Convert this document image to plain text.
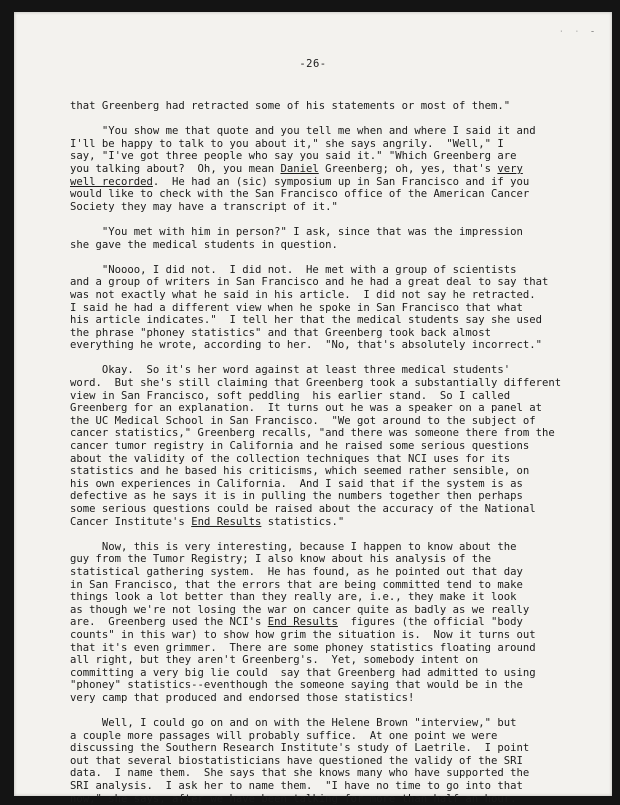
˙ ˙ ˉ
-26-

that Greenberg had retracted some of his statements or most of them."

"You show me that quote and you tell me when and where I said it and
I'll be happy to talk to you about it," she says angrily.  "Well," I
say, "I've got three people who say you said it." "Which Greenberg are
you talking about?  Oh, you mean Daniel Greenberg; oh, yes, that's very
well recorded.  He had an (sic) symposium up in San Francisco and if you
would like to check with the San Francisco office of the American Cancer
Society they may have a transcript of it."

"You met with him in person?" I ask, since that was the impression
she gave the medical students in question.

"Noooo, I did not.  I did not.  He met with a group of scientists
and a group of writers in San Francisco and he had a great deal to say that
was not exactly what he said in his article.  I did not say he retracted.
I said he had a different view when he spoke in San Francisco that what
his article indicates."  I tell her that the medical students say she used
the phrase "phoney statistics" and that Greenberg took back almost
everything he wrote, according to her.  "No, that's absolutely incorrect."

Okay.  So it's her word against at least three medical students'
word.  But she's still claiming that Greenberg took a substantially different
view in San Francisco, soft peddling  his earlier stand.  So I called
Greenberg for an explanation.  It turns out he was a speaker on a panel at
the UC Medical School in San Francisco.  "We got around to the subject of
cancer statistics," Greenberg recalls, "and there was someone there from the
cancer tumor registry in California and he raised some serious questions
about the validity of the collection techniques that NCI uses for its
statistics and he based his criticisms, which seemed rather sensible, on
his own experiences in California.  And I said that if the system is as
defective as he says it is in pulling the numbers together then perhaps
some serious questions could be raised about the accuracy of the National
Cancer Institute's End Results statistics."

Now, this is very interesting, because I happen to know about the
guy from the Tumor Registry; I also know about his analysis of the
statistical gathering system.  He has found, as he pointed out that day
in San Francisco, that the errors that are being committed tend to make
things look a lot better than they really are, i.e., they make it look
as though we're not losing the war on cancer quite as badly as we really
are.  Greenberg used the NCI's End Results  figures (the official "body
counts" in this war) to show how grim the situation is.  Now it turns out
that it's even grimmer.  There are some phoney statistics floating around
all right, but they aren't Greenberg's.  Yet, somebody intent on
committing a very big lie could  say that Greenberg had admitted to using
"phoney" statistics--eventhough the someone saying that would be in the
very camp that produced and endorsed those statistics!

Well, I could go on and on with the Helene Brown "interview," but
a couple more passages will probably suffice.  At one point we were
discussing the Southern Research Institute's study of Laetrile.  I point
out that several biostatisticians have questioned the validy of the SRI
data.  I name them.  She says that she knows many who have supported the
SRI analysis.  I ask her to name them.  "I have no time to go into that
now," she says, after we have been talking for more than half an hour.
